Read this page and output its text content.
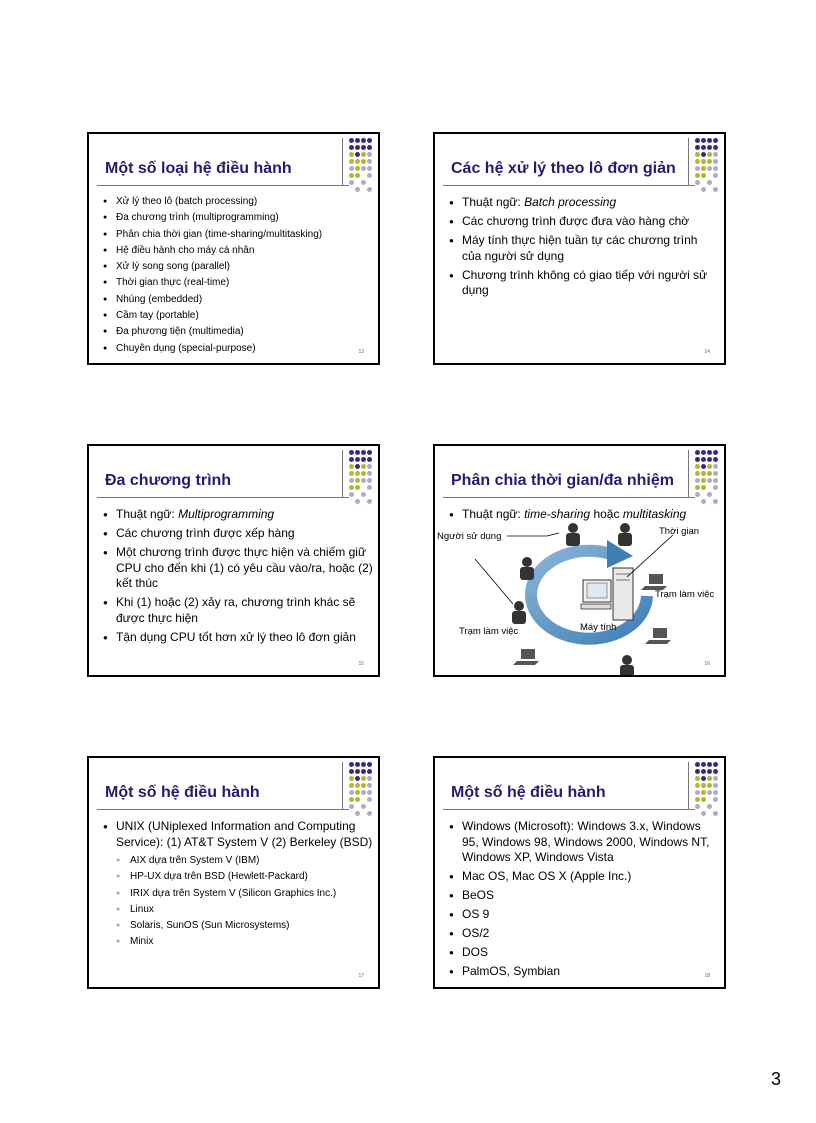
Một số loại hệ điều hành
● Xử lý theo lô (batch processing)
● Đa chương trình (multiprogramming)
● Phân chia thời gian (time-sharing/multitasking)
● Hệ điều hành cho máy cá nhân
● Xử lý song song (parallel)
● Thời gian thực (real-time)
● Nhúng (embedded)
● Cầm tay (portable)
● Đa phương tiện (multimedia)
● Chuyên dụng (special-purpose)	13
Các hệ xử lý theo lô đơn giản
● Thuật ngữ: Batch processing
● Các chương trình được đưa vào hàng chờ
● Máy tính thực hiện tuần tự các chương trình của người sử dụng
● Chương trình không có giao tiếp với người sử dụng
14
Đa chương trình
● Thuật ngữ: Multiprogramming
● Các chương trình được xếp hàng
● Một chương trình được thực hiện và chiếm giữ CPU cho đến khi (1) có yêu cầu vào/ra, hoặc (2) kết thúc
● Khi (1) hoặc (2) xảy ra, chương trình khác sẽ được thực hiện
● Tận dụng CPU tốt hơn xử lý theo lô đơn giản
15
Phân chia thời gian/đa nhiệm
● Thuật ngữ: time-sharing hoặc multitasking
Người sử dụng	Thời gian
Trạm làm việc
Trạm làm việc	Máy tính
16
Một số hệ điều hành
● UNIX (UNiplexed Information and Computing Service): (1) AT&T System V (2) Berkeley (BSD)
● AIX dựa trên System V (IBM)
● HP-UX dựa trên BSD (Hewlett-Packard)
● IRIX dựa trên System V (Silicon Graphics Inc.)
● Linux
● Solaris, SunOS (Sun Microsystems)
● Minix
17
Một số hệ điều hành
● Windows (Microsoft): Windows 3.x, Windows 95, Windows 98, Windows 2000, Windows NT, Windows XP, Windows Vista
● Mac OS, Mac OS X (Apple Inc.)
● BeOS
● OS 9
● OS/2
● DOS
● PalmOS, Symbian	18
3
